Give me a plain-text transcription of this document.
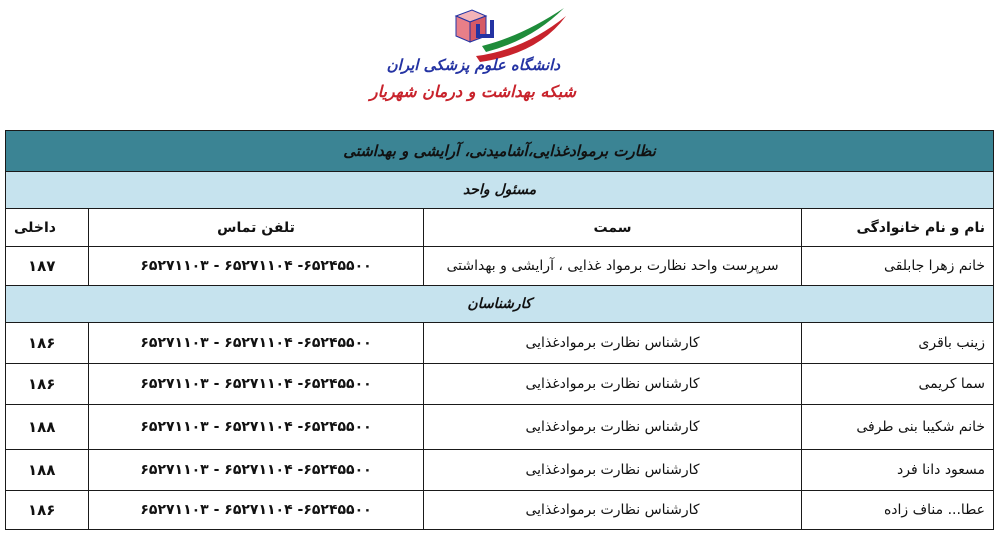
دانشگاه علوم پزشکی ایران
شبکه بهداشت و درمان شهریار
نظارت برموادغذایی،آشامیدنی، آرایشی و بهداشتی			
مسئول واحد			
نام و نام خانوادگی	سمت	تلفن تماس	داخلی
خانم زهرا جابلقی	سرپرست واحد نظارت برمواد غذایی ، آرایشی و بهداشتی	۶۵۲۷۱۱۰۳ - ۶۵۲۷۱۱۰۴ -۶۵۲۴۵۵۰۰	۱۸۷
کارشناسان			
زینب باقری	کارشناس نظارت برموادغذایی	۶۵۲۷۱۱۰۳ - ۶۵۲۷۱۱۰۴ -۶۵۲۴۵۵۰۰	۱۸۶
سما کریمی	کارشناس نظارت برموادغذایی	۶۵۲۷۱۱۰۳ - ۶۵۲۷۱۱۰۴ -۶۵۲۴۵۵۰۰	۱۸۶
خانم شکیبا بنی طرفی	کارشناس نظارت برموادغذایی	۶۵۲۷۱۱۰۳ - ۶۵۲۷۱۱۰۴ -۶۵۲۴۵۵۰۰	۱۸۸
مسعود دانا فرد	کارشناس نظارت برموادغذایی	۶۵۲۷۱۱۰۳ - ۶۵۲۷۱۱۰۴ -۶۵۲۴۵۵۰۰	۱۸۸
عطا... مناف زاده	کارشناس نظارت برموادغذایی	۶۵۲۷۱۱۰۳ - ۶۵۲۷۱۱۰۴ -۶۵۲۴۵۵۰۰	۱۸۶
